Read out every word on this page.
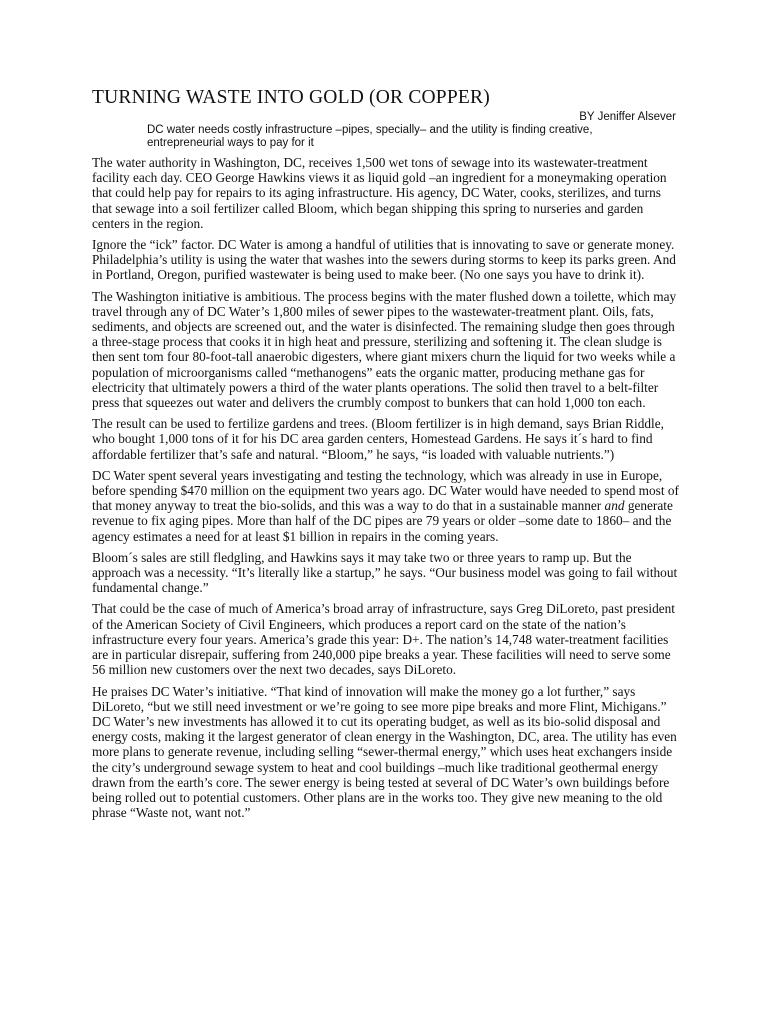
TURNING WASTE INTO GOLD (OR COPPER)
BY Jeniffer Alsever
DC water needs costly infrastructure –pipes, specially– and the utility is finding creative, entrepreneurial ways to pay for it

The water authority in Washington, DC, receives 1,500 wet tons of sewage into its wastewater-treatment facility each day. CEO George Hawkins views it as liquid gold –an ingredient for a moneymaking operation that could help pay for repairs to its aging infrastructure. His agency, DC Water, cooks, sterilizes, and turns that sewage into a soil fertilizer called Bloom, which began shipping this spring to nurseries and garden centers in the region.

Ignore the “ick” factor. DC Water is among a handful of utilities that is innovating to save or generate money. Philadelphia’s utility is using the water that washes into the sewers during storms to keep its parks green. And in Portland, Oregon, purified wastewater is being used to make beer. (No one says you have to drink it).

The Washington initiative is ambitious. The process begins with the mater flushed down a toilette, which may travel through any of DC Water’s 1,800 miles of sewer pipes to the wastewater-treatment plant. Oils, fats, sediments, and objects are screened out, and the water is disinfected. The remaining sludge then goes through a three-stage process that cooks it in high heat and pressure, sterilizing and softening it. The clean sludge is then sent tom four 80-foot-tall anaerobic digesters, where giant mixers churn the liquid for two weeks while a population of microorganisms called “methanogens” eats the organic matter, producing methane gas for electricity that ultimately powers a third of the water plants operations. The solid then travel to a belt-filter press that squeezes out water and delivers the crumbly compost to bunkers that can hold 1,000 ton each.

The result can be used to fertilize gardens and trees. (Bloom fertilizer is in high demand, says Brian Riddle, who bought 1,000 tons of it for his DC area garden centers, Homestead Gardens. He says it´s hard to find affordable fertilizer that’s safe and natural. “Bloom,” he says, “is loaded with valuable nutrients.”)

DC Water spent several years investigating and testing the technology, which was already in use in Europe, before spending $470 million on the equipment two years ago. DC Water would have needed to spend most of that money anyway to treat the bio-solids, and this was a way to do that in a sustainable manner and generate revenue to fix aging pipes. More than half of the DC pipes are 79 years or older –some date to 1860– and the agency estimates a need for at least $1 billion in repairs in the coming years.

Bloom´s sales are still fledgling, and Hawkins says it may take two or three years to ramp up. But the approach was a necessity. “It’s literally like a startup,” he says. “Our business model was going to fail without fundamental change.”

That could be the case of much of America’s broad array of infrastructure, says Greg DiLoreto, past president of the American Society of Civil Engineers, which produces a report card on the state of the nation’s infrastructure every four years. America’s grade this year: D+. The nation’s 14,748 water-treatment facilities are in particular disrepair, suffering from 240,000 pipe breaks a year. These facilities will need to serve some 56 million new customers over the next two decades, says DiLoreto.

He praises DC Water’s initiative. “That kind of innovation will make the money go a lot further,” says DiLoreto, “but we still need investment or we’re going to see more pipe breaks and more Flint, Michigans.” DC Water’s new investments has allowed it to cut its operating budget, as well as its bio-solid disposal and energy costs, making it the largest generator of clean energy in the Washington, DC, area. The utility has even more plans to generate revenue, including selling “sewer-thermal energy,” which uses heat exchangers inside the city’s underground sewage system to heat and cool buildings –much like traditional geothermal energy drawn from the earth’s core. The sewer energy is being tested at several of DC Water’s own buildings before being rolled out to potential customers. Other plans are in the works too. They give new meaning to the old phrase “Waste not, want not.”
